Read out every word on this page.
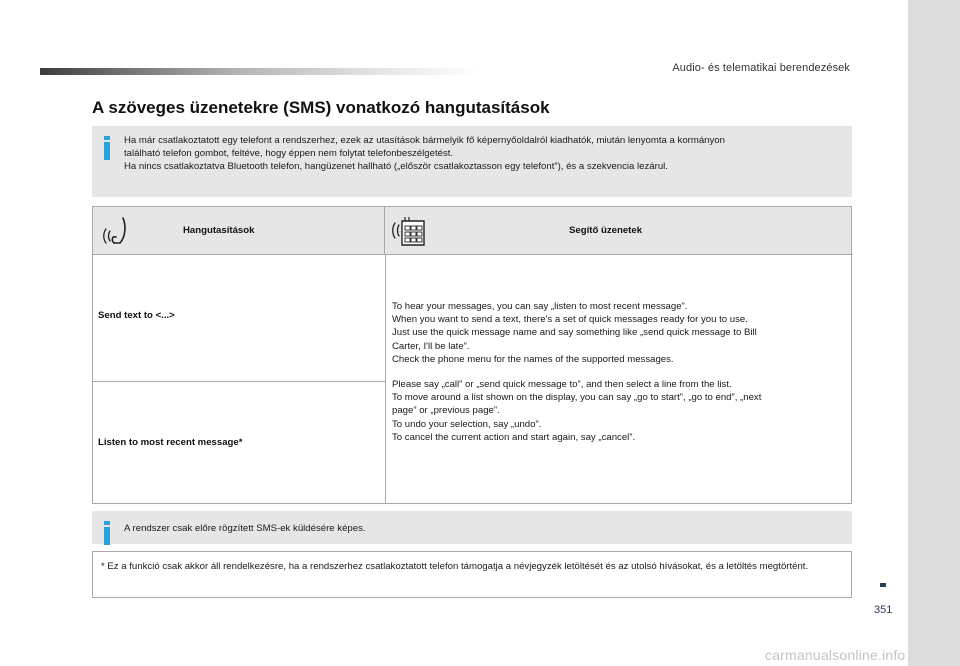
Audio- és telematikai berendezések
A szöveges üzenetekre (SMS) vonatkozó hangutasítások

Ha már csatlakoztatott egy telefont a rendszerhez, ezek az utasítások bármelyik fő képernyőoldalról kiadhatók, miután lenyomta a kormányon

található telefon gombot, feltéve, hogy éppen nem folytat telefonbeszélgetést.

Ha nincs csatlakoztatva Bluetooth telefon, hangüzenet hallható („először csatlakoztasson egy telefont”), és a szekvencia lezárul.

Hangutasítások	Segítő üzenetek
Send text to <...>
Listen to most recent message*

To hear your messages, you can say „listen to most recent message”.

When you want to send a text, there's a set of quick messages ready for you to use.

Just use the quick message name and say something like „send quick message to Bill

Carter, I'll be late”.

Check the phone menu for the names of the supported messages.

Please say „call” or „send quick message to”, and then select a line from the list.

To move around a list shown on the display, you can say „go to start”, „go to end”, „next

page” or „previous page”.

To undo your selection, say „undo”.

To cancel the current action and start again, say „cancel”.

A rendszer csak előre rögzített SMS-ek küldésére képes.

* Ez a funkció csak akkor áll rendelkezésre, ha a rendszerhez csatlakoztatott telefon támogatja a névjegyzék letöltését és az utolsó hívásokat, és a letöltés megtörtént.

351
carmanualsonline.info
